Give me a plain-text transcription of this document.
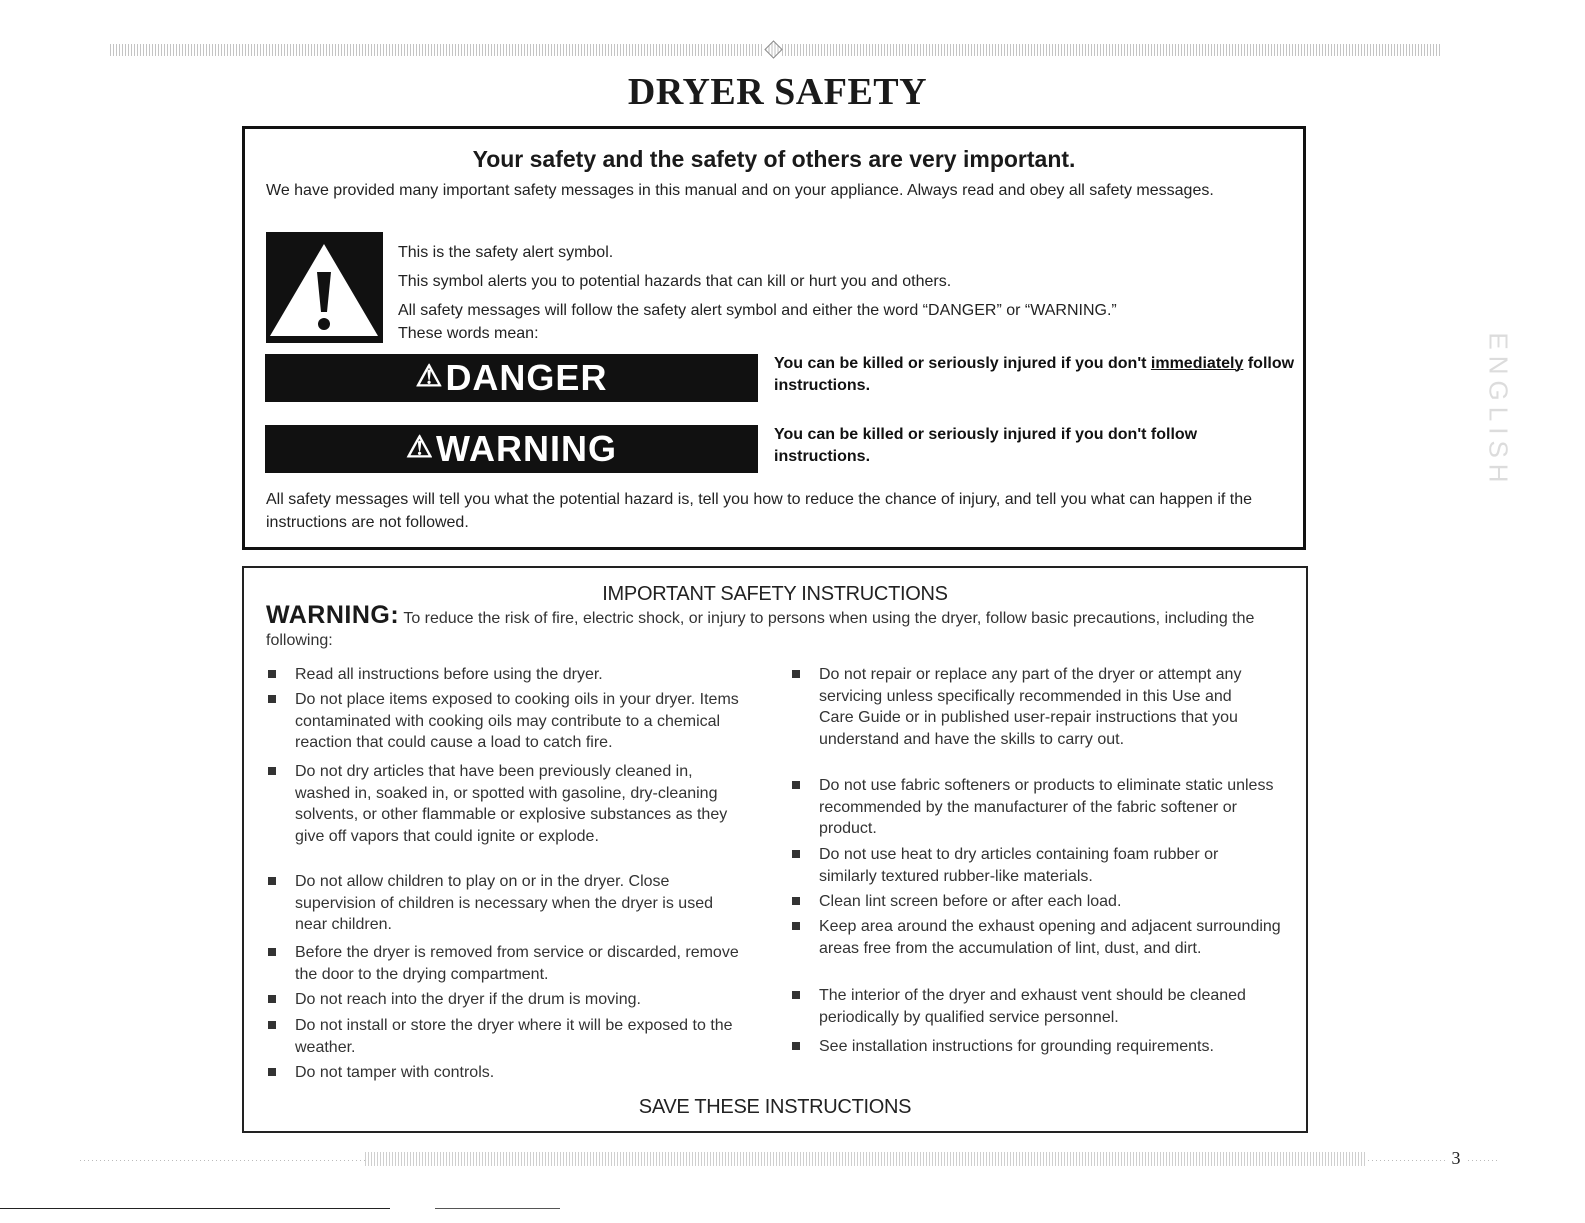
DRYER SAFETY
Your safety and the safety of others are very important.
We have provided many important safety messages in this manual and on your appliance. Always read and obey all safety messages.
This is the safety alert symbol.
This symbol alerts you to potential hazards that can kill or hurt you and others.
All safety messages will follow the safety alert symbol and either the word “DANGER” or “WARNING.”
These words mean:
⚠ DANGER	You can be killed or seriously injured if you don't immediately follow instructions.
⚠ WARNING	You can be killed or seriously injured if you don't follow instructions.
All safety messages will tell you what the potential hazard is, tell you how to reduce the chance of injury, and tell you what can happen if the instructions are not followed.
IMPORTANT SAFETY INSTRUCTIONS
WARNING: To reduce the risk of fire, electric shock, or injury to persons when using the dryer, follow basic precautions, including the following:
Read all instructions before using the dryer.
Do not place items exposed to cooking oils in your dryer. Items contaminated with cooking oils may contribute to a chemical reaction that could cause a load to catch fire.
Do not dry articles that have been previously cleaned in, washed in, soaked in, or spotted with gasoline, dry-cleaning solvents, or other flammable or explosive substances as they give off vapors that could ignite or explode.
Do not allow children to play on or in the dryer. Close supervision of children is necessary when the dryer is used near children.
Before the dryer is removed from service or discarded, remove the door to the drying compartment.
Do not reach into the dryer if the drum is moving.
Do not install or store the dryer where it will be exposed to the weather.
Do not tamper with controls.
Do not repair or replace any part of the dryer or attempt any servicing unless specifically recommended in this Use and Care Guide or in published user-repair instructions that you understand and have the skills to carry out.
Do not use fabric softeners or products to eliminate static unless recommended by the manufacturer of the fabric softener or product.
Do not use heat to dry articles containing foam rubber or similarly textured rubber-like materials.
Clean lint screen before or after each load.
Keep area around the exhaust opening and adjacent surrounding areas free from the accumulation of lint, dust, and dirt.
The interior of the dryer and exhaust vent should be cleaned periodically by qualified service personnel.
See installation instructions for grounding requirements.
SAVE THESE INSTRUCTIONS
3
ENGLISH
